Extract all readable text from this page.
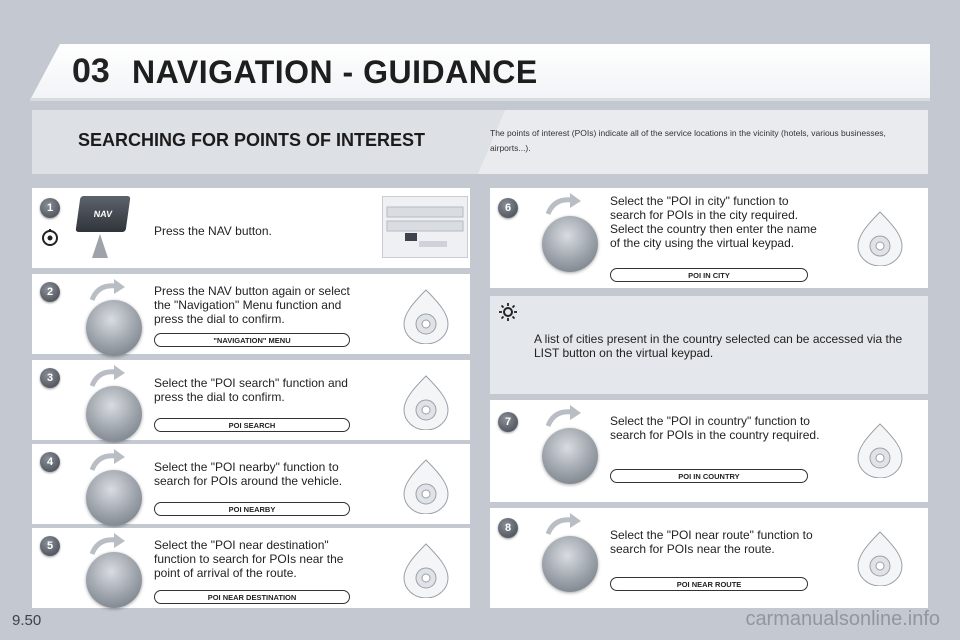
03 NAVIGATION - GUIDANCE
SEARCHING FOR POINTS OF INTEREST	The points of interest (POIs) indicate all of the service locations in the vicinity (hotels, various businesses, airports...).
1	NAV
Press the NAV button.
2	Press the NAV button again or select the "Navigation" Menu function and press the dial to confirm.
"NAVIGATION" MENU
3	Select the "POI search" function and press the dial to confirm.
POI SEARCH
4	Select the "POI nearby" function to search for POIs around the vehicle.
POI NEARBY
5	Select the "POI near destination" function to search for POIs near the point of arrival of the route.
POI NEAR DESTINATION
6	Select the "POI in city" function to search for POIs in the city required. Select the country then enter the name of the city using the virtual keypad.
POI IN CITY
A list of cities present in the country selected can be accessed via the LIST button on the virtual keypad.
7	Select the "POI in country" function to search for POIs in the country required.
POI IN COUNTRY
8	Select the "POI near route" function to search for POIs near the route.
POI NEAR ROUTE
9.50	carmanualsonline.info
